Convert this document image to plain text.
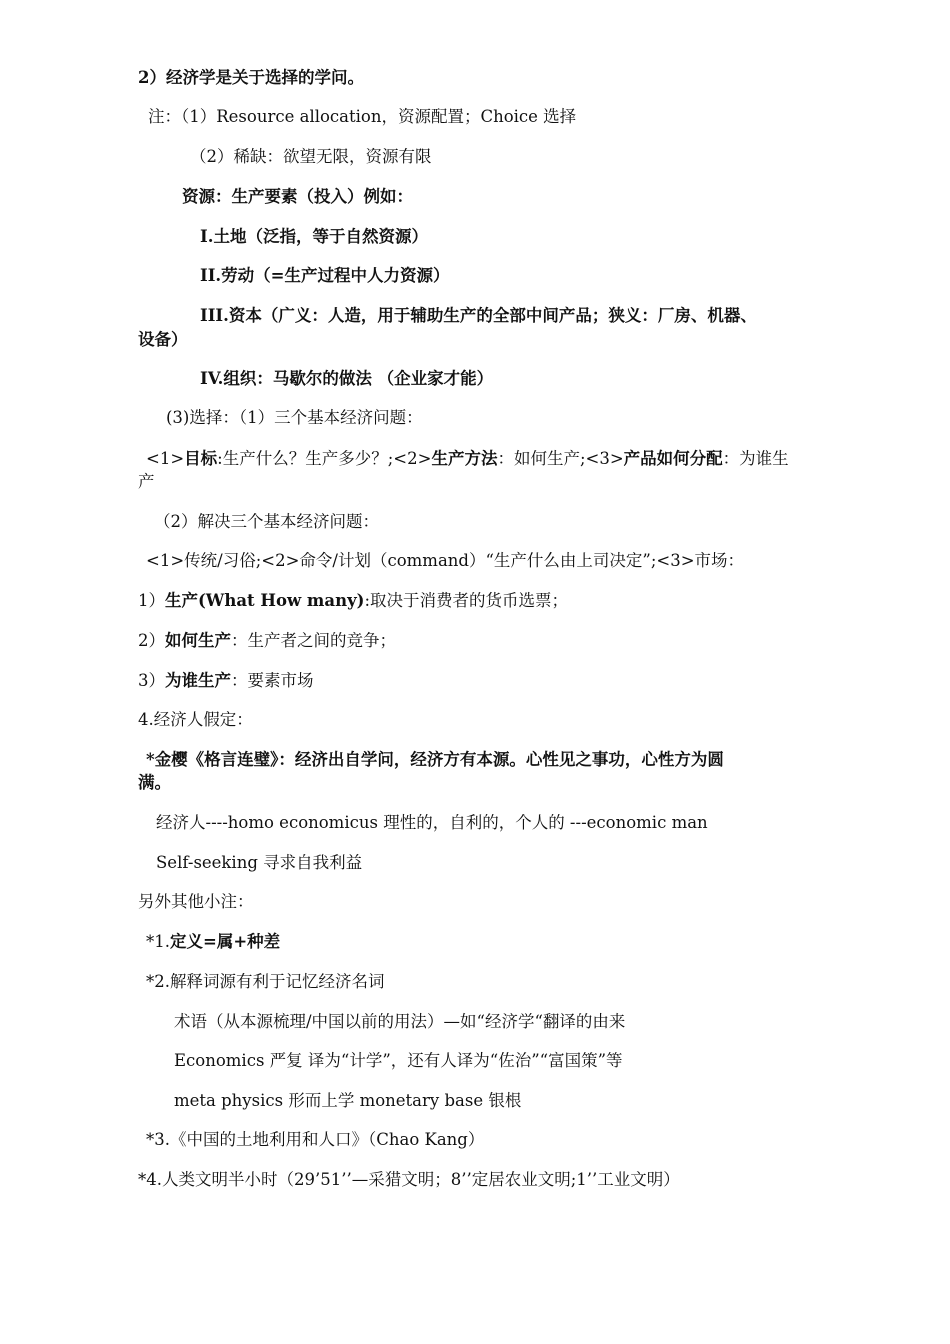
2）经济学是关于选择的学问。
注：（1）Resource allocation，资源配置；Choice 选择
（2）稀缺：欲望无限，资源有限
资源：生产要素（投入）例如：
I.土地（泛指，等于自然资源）
II.劳动（=生产过程中人力资源）
III.资本（广义：人造，用于辅助生产的全部中间产品；狭义：厂房、机器、
设备）
IV.组织：马歇尔的做法 （企业家才能）
(3)选择：（1）三个基本经济问题：
<1>目标:生产什么？生产多少？;<2>生产方法：如何生产;<3>产品如何分配：为谁生
产
（2）解决三个基本经济问题：
<1>传统/习俗;<2>命令/计划（command）“生产什么由上司决定”;<3>市场：
1）生产(What How many):取决于消费者的货币选票；
2）如何生产：生产者之间的竞争；
3）为谁生产：要素市场
4.经济人假定：
*金樱《格言连璧》：经济出自学问，经济方有本源。心性见之事功，心性方为圆
满。
经济人----homo economicus 理性的，自利的，个人的 ---economic man
Self-seeking 寻求自我利益
另外其他小注：
*1.定义=属+种差
*2.解释词源有利于记忆经济名词
术语（从本源梳理/中国以前的用法）—如“经济学“翻译的由来
Economics 严复 译为“计学”，还有人译为“佐治”“富国策”等
meta physics 形而上学 monetary base 银根
*3.《中国的土地利用和人口》（Chao Kang）
*4.人类文明半小时（29’51’’—采猎文明；8’’定居农业文明;1’’工业文明）
